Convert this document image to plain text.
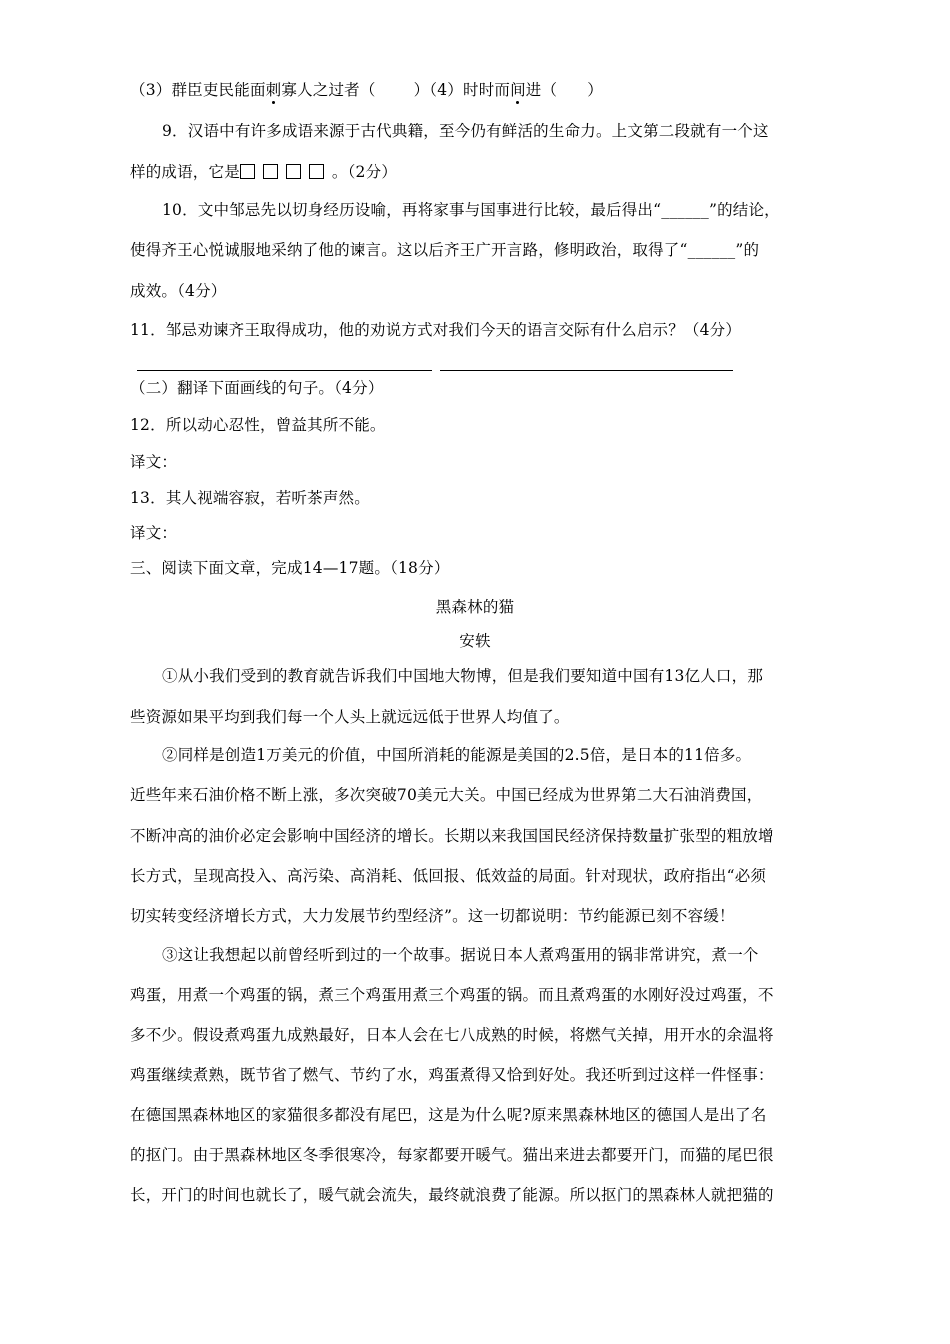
（3）群臣吏民能面刺寡人之过者（ ）（4）时时而间进（ ）
9．汉语中有许多成语来源于古代典籍，至今仍有鲜活的生命力。上文第二段就有一个这
样的成语，它是	。（2分）
10．文中邹忌先以切身经历设喻，再将家事与国事进行比较，最后得出“______”的结论，
使得齐王心悦诚服地采纳了他的谏言。这以后齐王广开言路，修明政治，取得了“______”的
成效。（4分）
11．邹忌劝谏齐王取得成功，他的劝说方式对我们今天的语言交际有什么启示？（4分）
（二）翻译下面画线的句子。（4分）
12．所以动心忍性，曾益其所不能。
译文：
13．其人视端容寂，若听茶声然。
译文：
三、阅读下面文章，完成14—17题。（18分）
黑森林的猫
安轶
①从小我们受到的教育就告诉我们中国地大物博，但是我们要知道中国有13亿人口，那
些资源如果平均到我们每一个人头上就远远低于世界人均值了。
②同样是创造1万美元的价值，中国所消耗的能源是美国的2.5倍，是日本的11倍多。
近些年来石油价格不断上涨，多次突破70美元大关。中国已经成为世界第二大石油消费国，
不断冲高的油价必定会影响中国经济的增长。长期以来我国国民经济保持数量扩张型的粗放增
长方式，呈现高投入、高污染、高消耗、低回报、低效益的局面。针对现状，政府指出“必须
切实转变经济增长方式，大力发展节约型经济”。这一切都说明：节约能源已刻不容缓！
③这让我想起以前曾经听到过的一个故事。据说日本人煮鸡蛋用的锅非常讲究，煮一个
鸡蛋，用煮一个鸡蛋的锅，煮三个鸡蛋用煮三个鸡蛋的锅。而且煮鸡蛋的水刚好没过鸡蛋，不
多不少。假设煮鸡蛋九成熟最好，日本人会在七八成熟的时候，将燃气关掉，用开水的余温将
鸡蛋继续煮熟，既节省了燃气、节约了水，鸡蛋煮得又恰到好处。我还听到过这样一件怪事：
在德国黑森林地区的家猫很多都没有尾巴，这是为什么呢?原来黑森林地区的德国人是出了名
的抠门。由于黑森林地区冬季很寒冷，每家都要开暖气。猫出来进去都要开门，而猫的尾巴很
长，开门的时间也就长了，暖气就会流失，最终就浪费了能源。所以抠门的黑森林人就把猫的
